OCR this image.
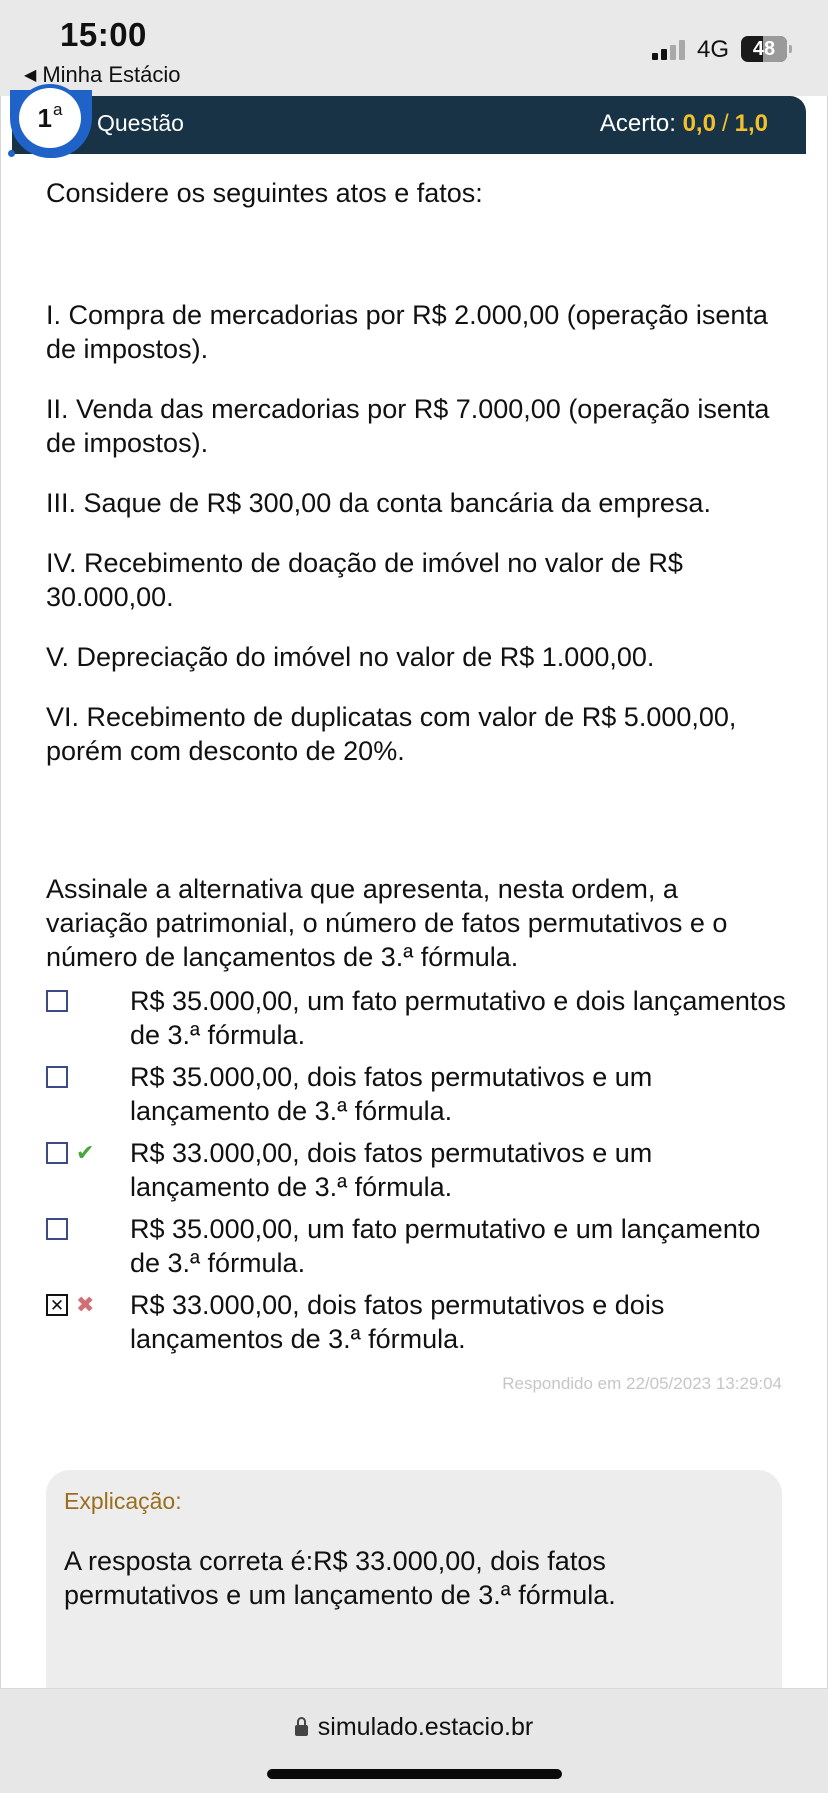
15:00
◀ Minha Estácio
4G 48
1$^a$
Questão	Acerto: 0,0 / 1,0

Considere os seguintes atos e fatos:

I. Compra de mercadorias por R$ 2.000,00 (operação isenta de impostos).

II. Venda das mercadorias por R$ 7.000,00 (operação isenta de impostos).

III. Saque de R$ 300,00 da conta bancária da empresa.

IV. Recebimento de doação de imóvel no valor de R$ 30.000,00.

V. Depreciação do imóvel no valor de R$ 1.000,00.

VI. Recebimento de duplicatas com valor de R$ 5.000,00, porém com desconto de 20%.

Assinale a alternativa que apresenta, nesta ordem, a variação patrimonial, o número de fatos permutativos e o número de lançamentos de 3.ª fórmula.

R$ 35.000,00, um fato permutativo e dois lançamentos de 3.ª fórmula.
R$ 35.000,00, dois fatos permutativos e um lançamento de 3.ª fórmula.
✔ R$ 33.000,00, dois fatos permutativos e um lançamento de 3.ª fórmula.
R$ 35.000,00, um fato permutativo e um lançamento de 3.ª fórmula.
✕ ✖ R$ 33.000,00, dois fatos permutativos e dois lançamentos de 3.ª fórmula.
Respondido em 22/05/2023 13:29:04
Explicação:
A resposta correta é:R$ 33.000,00, dois fatos permutativos e um lançamento de 3.ª fórmula.
simulado.estacio.br
